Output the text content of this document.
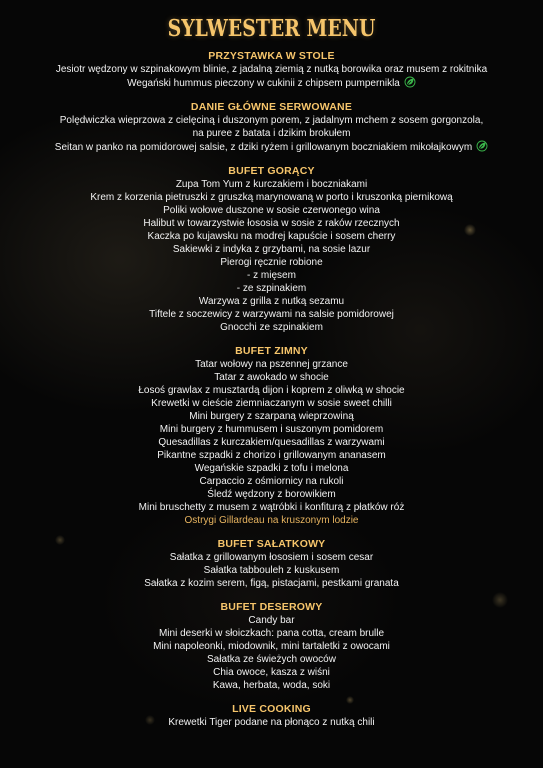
SYLWESTER MENU
PRZYSTAWKA W STOLE
Jesiotr wędzony w szpinakowym blinie, z jadalną ziemią z nutką borowika oraz musem z rokitnika
Wegański hummus pieczony w cukinii z chipsem pumpernikla
DANIE GŁÓWNE SERWOWANE
Polędwiczka wieprzowa z cielęciną i duszonym porem, z jadalnym mchem z sosem gorgonzola,
na puree z batata i dzikim brokułem
Seitan w panko na pomidorowej salsie, z dziki ryżem i grillowanym boczniakiem mikołajkowym
BUFET GORĄCY
Zupa Tom Yum z kurczakiem i boczniakami
Krem z korzenia pietruszki z gruszką marynowaną w porto i kruszonką piernikową
Poliki wołowe duszone w sosie czerwonego wina
Halibut w towarzystwie łososia w sosie z raków rzecznych
Kaczka po kujawsku na modrej kapuście i sosem cherry
Sakiewki z indyka z grzybami, na sosie lazur
Pierogi ręcznie robione
- z mięsem
- ze szpinakiem
Warzywa z grilla z nutką sezamu
Tiftele z soczewicy z warzywami na salsie pomidorowej
Gnocchi ze szpinakiem
BUFET ZIMNY
Tatar wołowy na pszennej grzance
Tatar z awokado w shocie
Łosoś grawlax z musztardą dijon i koprem z oliwką w shocie
Krewetki w cieście ziemniaczanym w sosie sweet chilli
Mini burgery z szarpaną wieprzowiną
Mini burgery z hummusem i suszonym pomidorem
Quesadillas z kurczakiem/quesadillas z warzywami
Pikantne szpadki z chorizo i grillowanym ananasem
Wegańskie szpadki z tofu i melona
Carpaccio z ośmiornicy na rukoli
Śledź wędzony z borowikiem
Mini bruschetty z musem z wątróbki i konfiturą z płatków róż
Ostrygi Gillardeau na kruszonym lodzie
BUFET SAŁATKOWY
Sałatka z grillowanym łososiem i sosem cesar
Sałatka tabbouleh z kuskusem
Sałatka z kozim serem, figą, pistacjami, pestkami granata
BUFET DESEROWY
Candy bar
Mini deserki w słoiczkach: pana cotta, cream brulle
Mini napoleonki, miodownik, mini tartaletki z owocami
Sałatka ze świeżych owoców
Chia owoce, kasza z wiśni
Kawa, herbata, woda, soki
LIVE COOKING
Krewetki Tiger podane na płonąco z nutką chili
